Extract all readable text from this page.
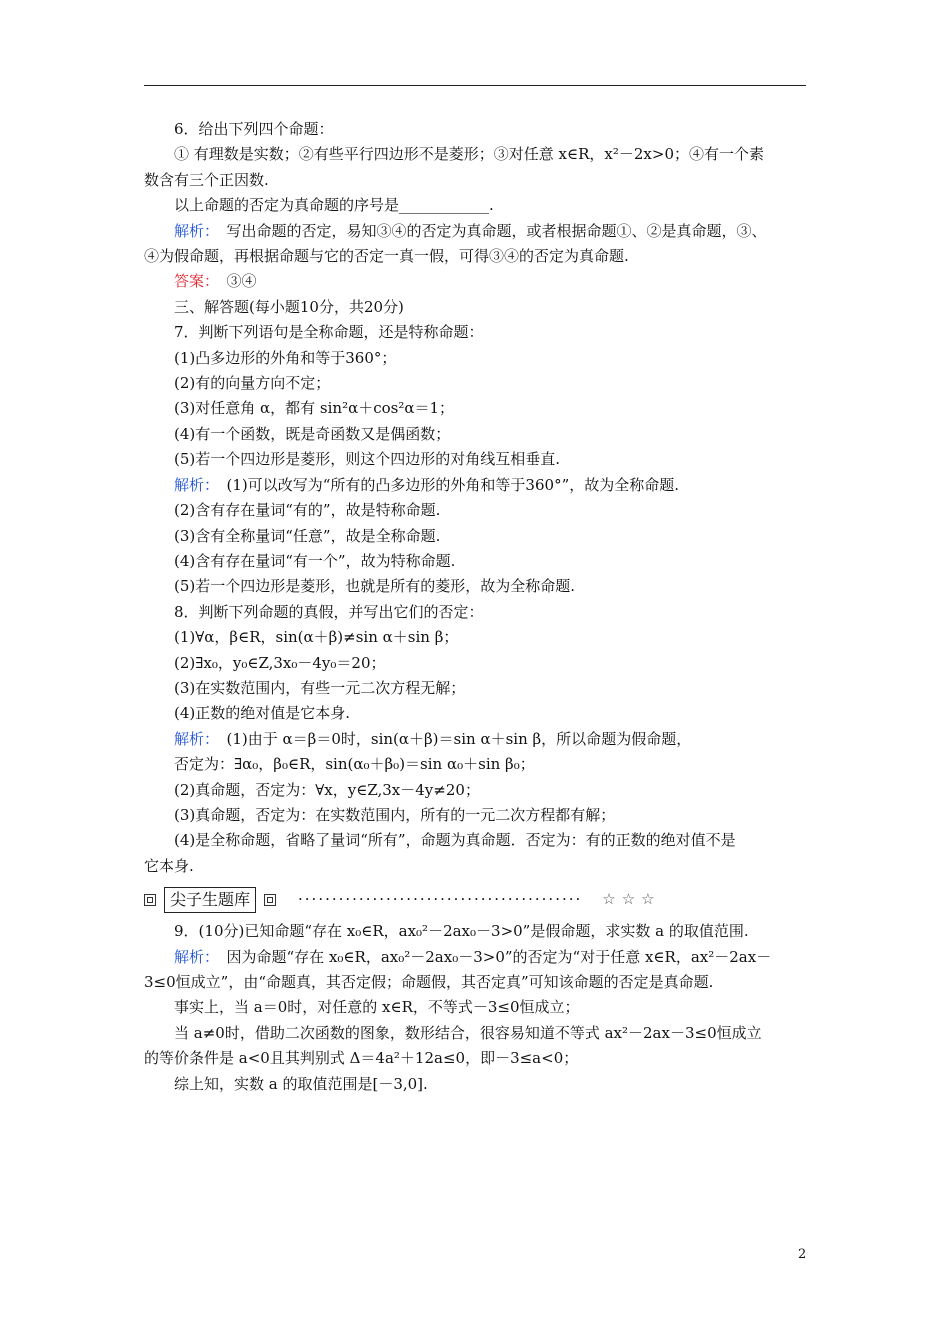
6．给出下列四个命题：

① 有理数是实数；②有些平行四边形不是菱形；③对任意 x∈R，x²－2x>0；④有一个素

数含有三个正因数.

以上命题的否定为真命题的序号是____________.

解析：　写出命题的否定，易知③④的否定为真命题，或者根据命题①、②是真命题，③、

④为假命题，再根据命题与它的否定一真一假，可得③④的否定为真命题.

答案：　③④

三、解答题(每小题10分，共20分)

7．判断下列语句是全称命题，还是特称命题：

(1)凸多边形的外角和等于360°；

(2)有的向量方向不定；

(3)对任意角 α，都有 sin²α＋cos²α＝1；

(4)有一个函数，既是奇函数又是偶函数；

(5)若一个四边形是菱形，则这个四边形的对角线互相垂直.

解析：　(1)可以改写为“所有的凸多边形的外角和等于360°”，故为全称命题.

(2)含有存在量词“有的”，故是特称命题.

(3)含有全称量词“任意”，故是全称命题.

(4)含有存在量词“有一个”，故为特称命题.

(5)若一个四边形是菱形，也就是所有的菱形，故为全称命题.

8．判断下列命题的真假，并写出它们的否定：

(1)∀α，β∈R，sin(α＋β)≠sin α＋sin β；

(2)∃x₀，y₀∈Z,3x₀－4y₀＝20；

(3)在实数范围内，有些一元二次方程无解；

(4)正数的绝对值是它本身.

解析：　(1)由于 α＝β＝0时，sin(α＋β)＝sin α＋sin β，所以命题为假命题，

否定为：∃α₀，β₀∈R，sin(α₀＋β₀)＝sin α₀＋sin β₀；

(2)真命题，否定为：∀x，y∈Z,3x－4y≠20；

(3)真命题，否定为：在实数范围内，所有的一元二次方程都有解；

(4)是全称命题，省略了量词“所有”，命题为真命题．否定为：有的正数的绝对值不是

它本身.

尖子生题库	·········································· ☆☆☆

9．(10分)已知命题“存在 x₀∈R，ax₀²－2ax₀－3>0”是假命题，求实数 a 的取值范围.

解析：　因为命题“存在 x₀∈R，ax₀²－2ax₀－3>0”的否定为“对于任意 x∈R，ax²－2ax－

3≤0恒成立”，由“命题真，其否定假；命题假，其否定真”可知该命题的否定是真命题.

事实上，当 a＝0时，对任意的 x∈R，不等式－3≤0恒成立；

当 a≠0时，借助二次函数的图象，数形结合，很容易知道不等式 ax²－2ax－3≤0恒成立

的等价条件是 a<0且其判别式 Δ＝4a²＋12a≤0，即－3≤a<0；

综上知，实数 a 的取值范围是[－3,0].

2
